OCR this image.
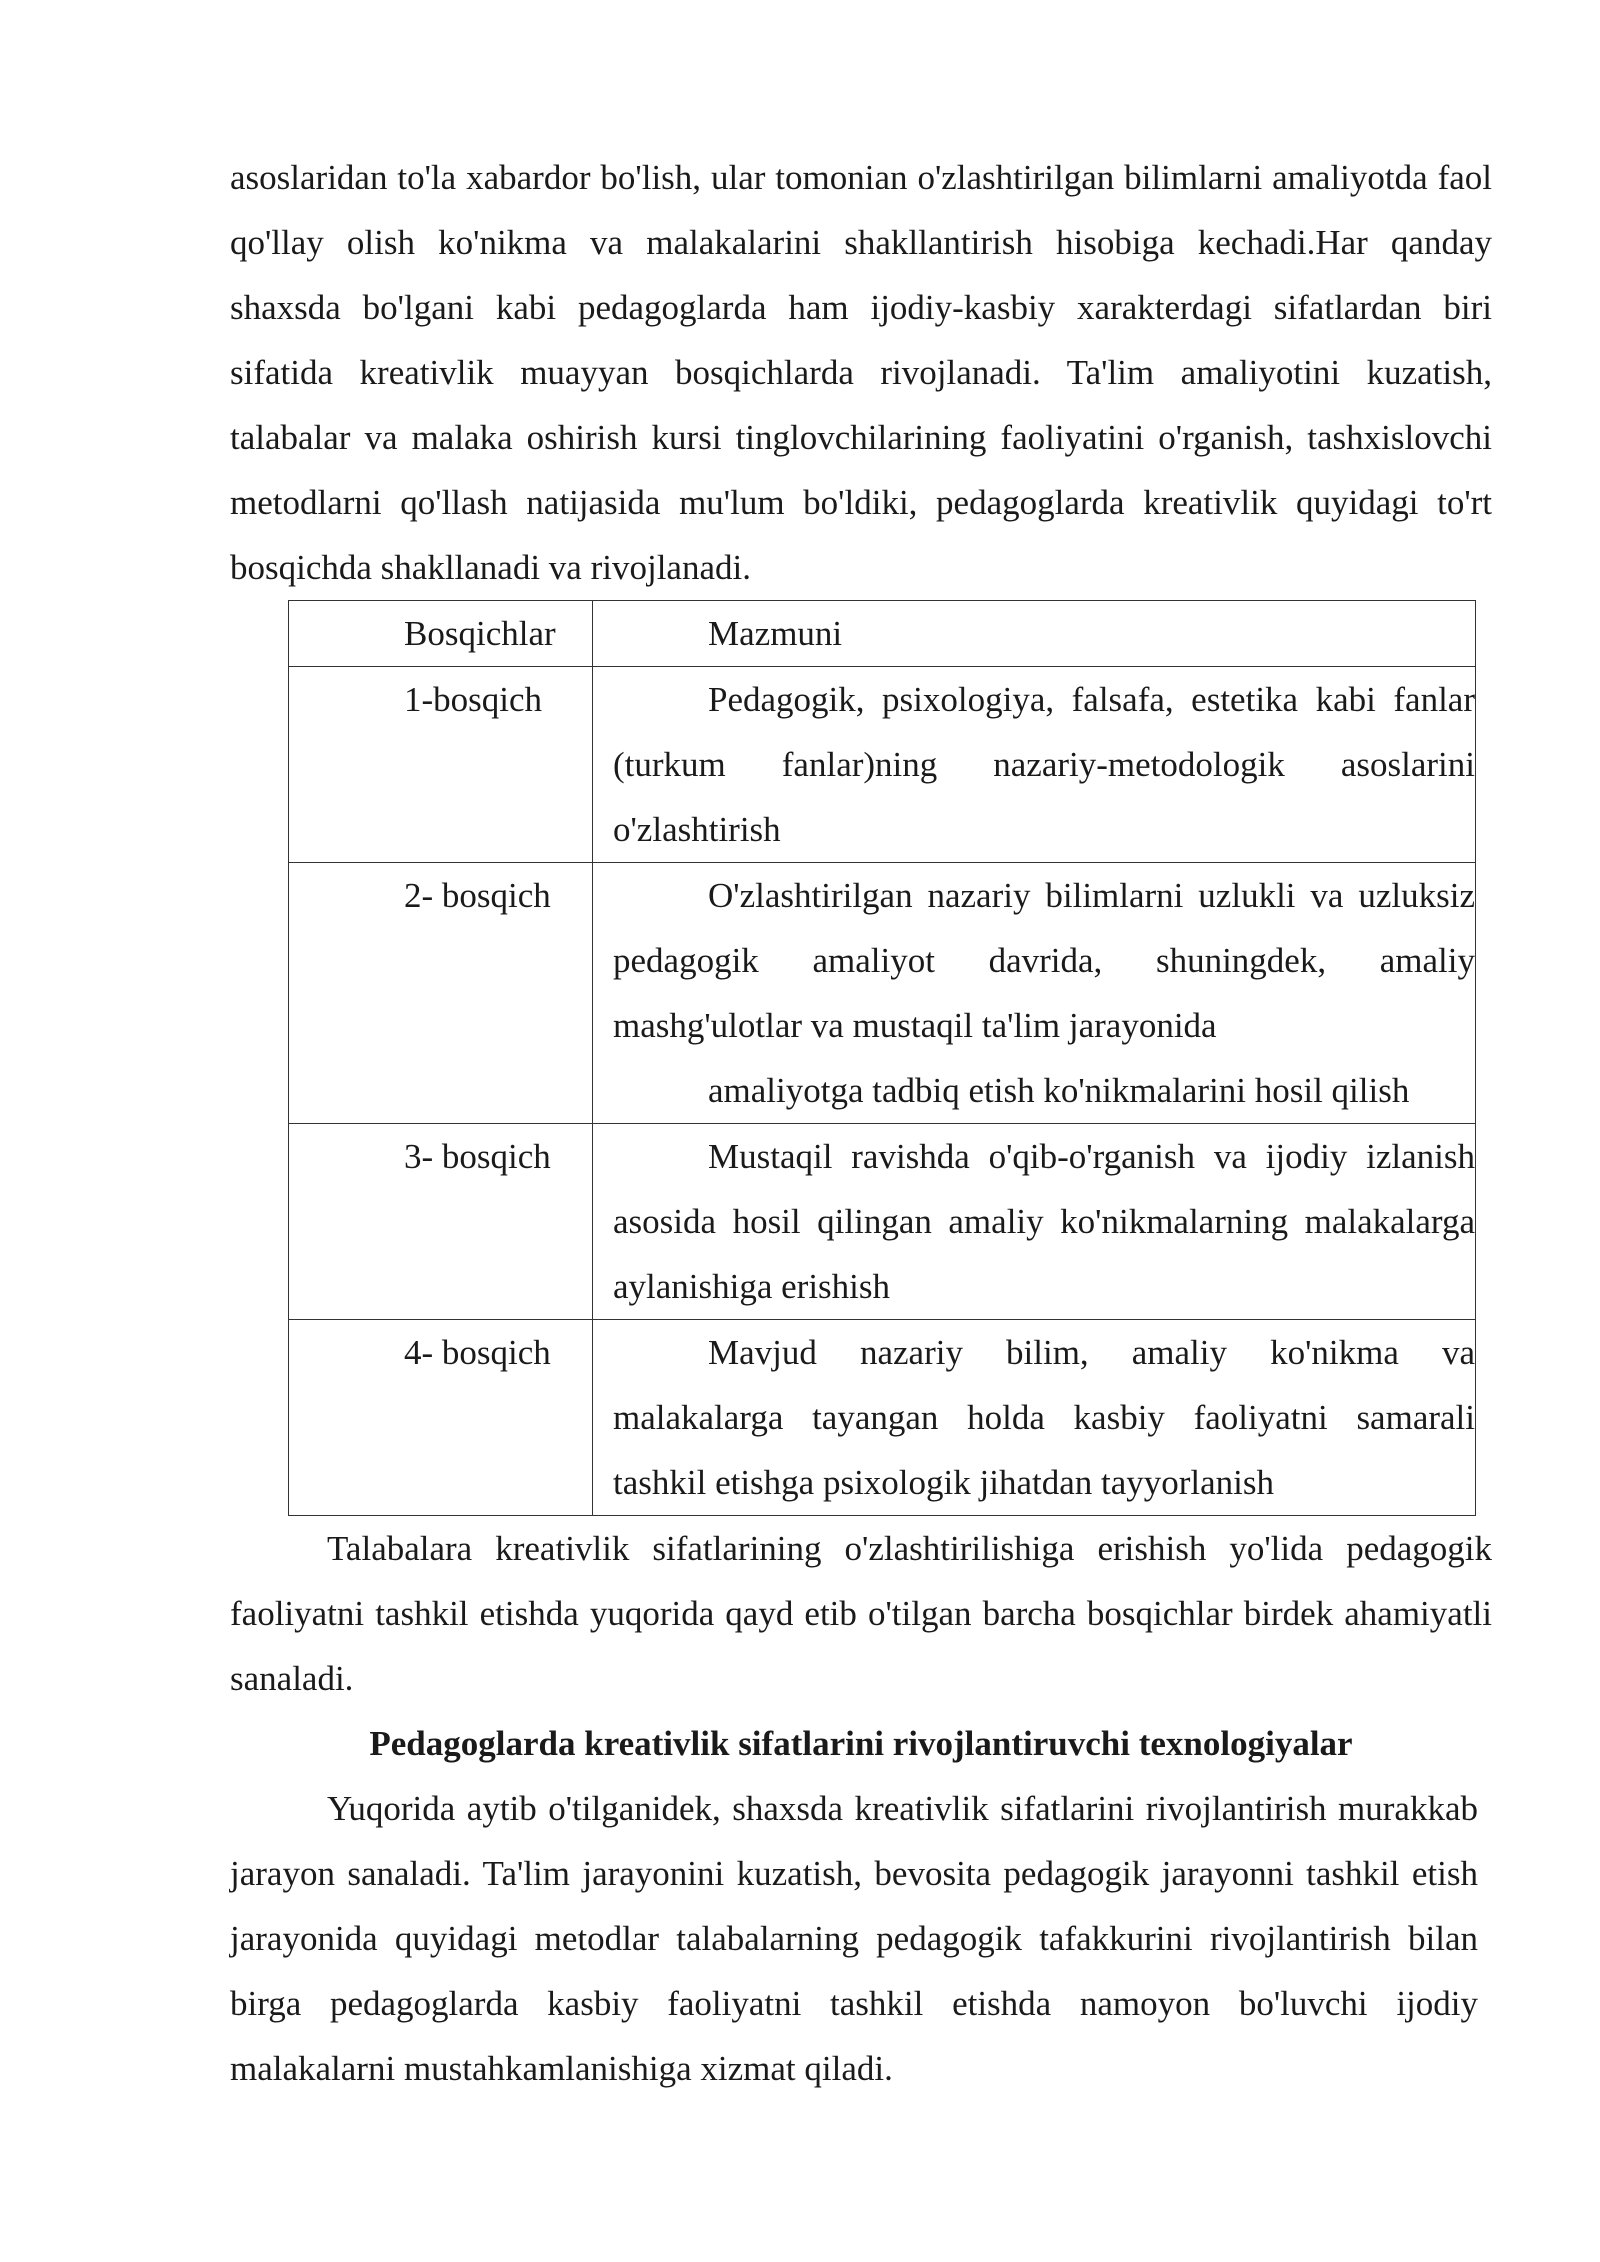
asoslaridan to'la xabardor bo'lish, ular tomonian o'zlashtirilgan bilimlarni amaliyotda faol qo'llay olish ko'nikma va malakalarini shakllantirish hisobiga kechadi.Har qanday shaxsda bo'lgani kabi pedagoglarda ham ijodiy-kasbiy xarakterdagi sifatlardan biri sifatida kreativlik muayyan bosqichlarda rivojlanadi. Ta'lim amaliyotini kuzatish, talabalar va malaka oshirish kursi tinglovchilarining faoliyatini o'rganish, tashxislovchi metodlarni qo'llash natijasida mu'lum bo'ldiki, pedagoglarda kreativlik quyidagi to'rt bosqichda shakllanadi va rivojlanadi.

Bosqichlar	Mazmuni
1-bosqich	Pedagogik, psixologiya, falsafa, estetika kabi fanlar (turkum fanlar)ning nazariy-metodologik asoslarini o'zlashtirish

2- bosqich	O'zlashtirilgan nazariy bilimlarni uzlukli va uzluksiz pedagogik amaliyot davrida, shuningdek, amaliy mashg'ulotlar va mustaqil ta'lim jarayonida
amaliyotga tadbiq etish ko'nikmalarini hosil qilish

3- bosqich	Mustaqil ravishda o'qib-o'rganish va ijodiy izlanish asosida hosil qilingan amaliy ko'nikmalarning malakalarga aylanishiga erishish

4- bosqich	Mavjud nazariy bilim, amaliy ko'nikma va malakalarga tayangan holda kasbiy faoliyatni samarali tashkil etishga psixologik jihatdan tayyorlanish

Talabalara kreativlik sifatlarining o'zlashtirilishiga erishish yo'lida pedagogik faoliyatni tashkil etishda yuqorida qayd etib o'tilgan barcha bosqichlar birdek ahamiyatli sanaladi.

Pedagoglarda kreativlik sifatlarini rivojlantiruvchi texnologiyalar

Yuqorida aytib o'tilganidek, shaxsda kreativlik sifatlarini rivojlantirish murakkab jarayon sanaladi. Ta'lim jarayonini kuzatish, bevosita pedagogik jarayonni tashkil etish jarayonida quyidagi metodlar talabalarning pedagogik tafakkurini rivojlantirish bilan birga pedagoglarda kasbiy faoliyatni tashkil etishda namoyon bo'luvchi ijodiy malakalarni mustahkamlanishiga xizmat qiladi.
